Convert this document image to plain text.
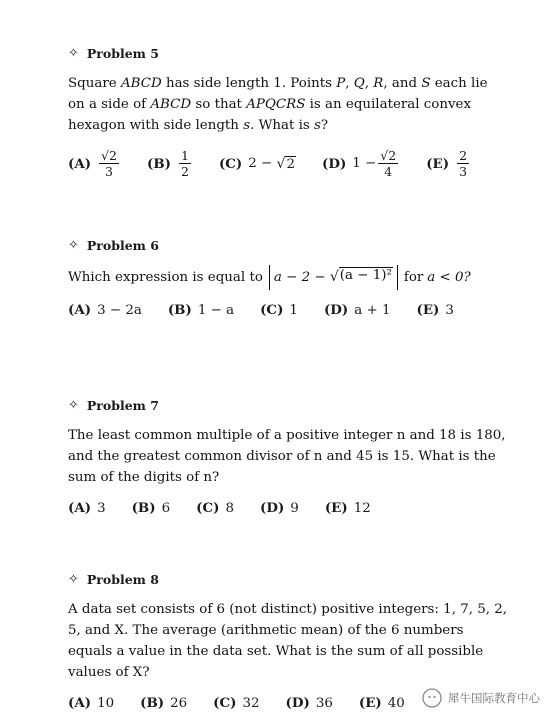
✧ Problem 5

Square ABCD has side length 1. Points P, Q, R, and S each lie on a side of ABCD so that APQCRS is an equilateral convex hexagon with side length s. What is s?

$(A) \frac{√2}{3} (B) \frac{1}{2} (C) 2$ −
√ 2 (D) $1 - \frac{√2}{4} (E) \frac{2}{3}$
✧ Problem 6

Which expression is equal to a − 2 − √ (a − 1)² for a < 0?

(A) 3 − 2a (B) 1 − a (C) 1 (D) a + 1 (E) 3
✧ Problem 7

The least common multiple of a positive integer n and 18 is 180, and the greatest common divisor of n and 45 is 15. What is the sum of the digits of n?

(A) 3 (B) 6 (C) 8 (D) 9 (E) 12
✧ Problem 8

A data set consists of 6 (not distinct) positive integers: 1, 7, 5, 2, 5, and X. The average (arithmetic mean) of the 6 numbers equals a value in the data set. What is the sum of all possible values of X?

(A) 10 (B) 26 (C) 32 (D) 36 (E) 40	犀牛国际教育中心
